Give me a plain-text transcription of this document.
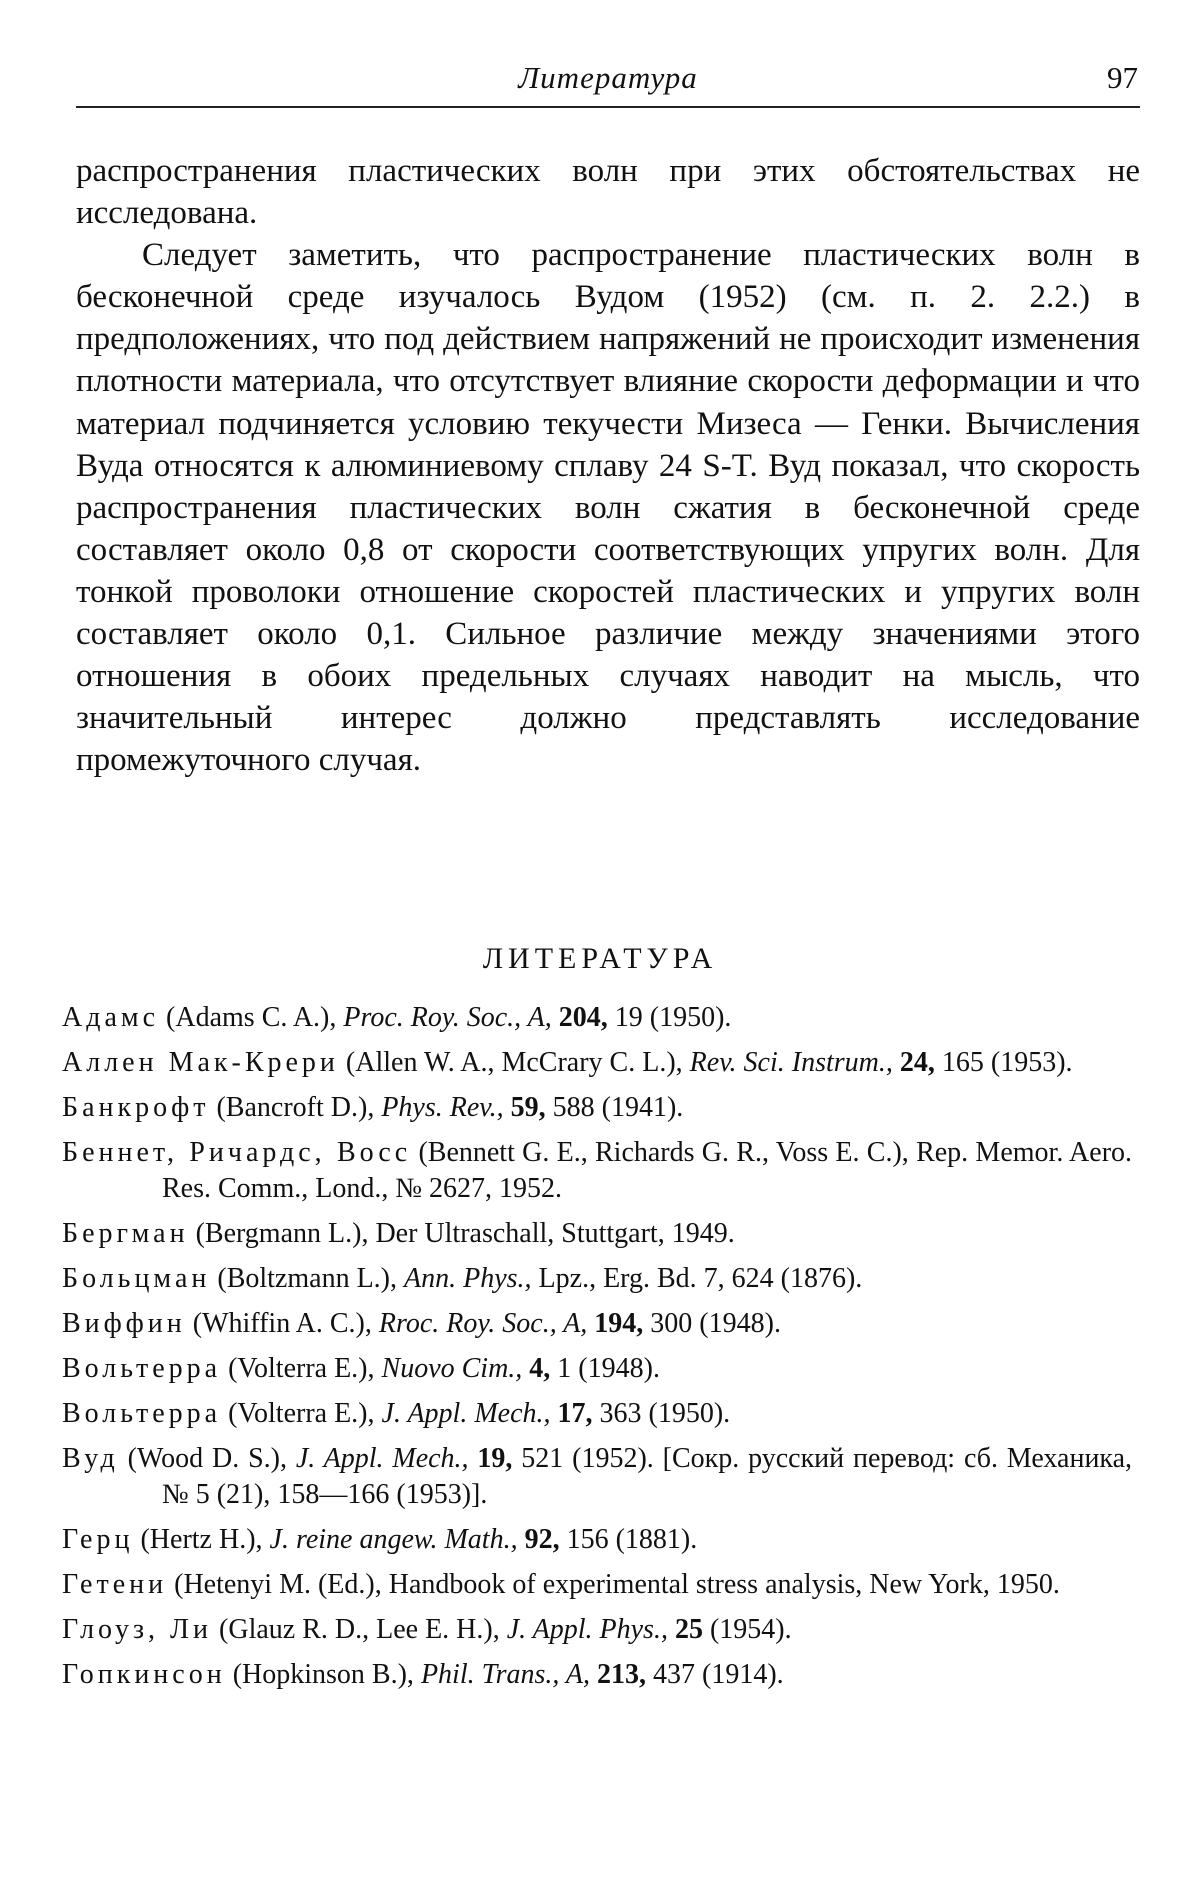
Литература	97

распространения пластических волн при этих обстоятельствах не исследована.

Следует заметить, что распространение пластических волн в бесконечной среде изучалось Вудом (1952) (см. п. 2. 2.2.) в предположениях, что под действием напряжений не происходит изменения плотности материала, что отсутствует влияние скорости деформации и что материал подчиняется условию текучести Мизеса — Генки. Вычисления Вуда относятся к алюминиевому сплаву 24 S-T. Вуд показал, что скорость распространения пластических волн сжатия в бесконечной среде составляет около 0,8 от скорости соответствующих упругих волн. Для тонкой проволоки отношение скоростей пластических и упругих волн составляет около 0,1. Сильное различие между значениями этого отношения в обоих предельных случаях наводит на мысль, что значительный интерес должно представлять исследование промежуточного случая.

ЛИТЕРАТУРА
Адамс (Adams C. A.), Proc. Roy. Soc., A, 204, 19 (1950).
Аллен Мак-Крери (Allen W. A., McCrary C. L.), Rev. Sci. Instrum., 24, 165 (1953).
Банкрофт (Bancroft D.), Phys. Rev., 59, 588 (1941).
Беннет, Ричардс, Восс (Bennett G. E., Richards G. R., Voss E. C.), Rep. Memor. Aero. Res. Comm., Lond., № 2627, 1952.
Бергман (Bergmann L.), Der Ultraschall, Stuttgart, 1949.
Больцман (Boltzmann L.), Ann. Phys., Lpz., Erg. Bd. 7, 624 (1876).
Виффин (Whiffin A. C.), Rroc. Roy. Soc., A, 194, 300 (1948).
Вольтерра (Volterra E.), Nuovo Cim., 4, 1 (1948).
Вольтерра (Volterra E.), J. Appl. Mech., 17, 363 (1950).
Вуд (Wood D. S.), J. Appl. Mech., 19, 521 (1952). [Сокр. русский перевод: сб. Механика, № 5 (21), 158—166 (1953)].
Герц (Hertz H.), J. reine angew. Math., 92, 156 (1881).
Гетени (Hetenyi M. (Ed.), Handbook of experimental stress analysis, New York, 1950.
Глоуз, Ли (Glauz R. D., Lee E. H.), J. Appl. Phys., 25 (1954).
Гопкинсон (Hopkinson B.), Phil. Trans., A, 213, 437 (1914).
